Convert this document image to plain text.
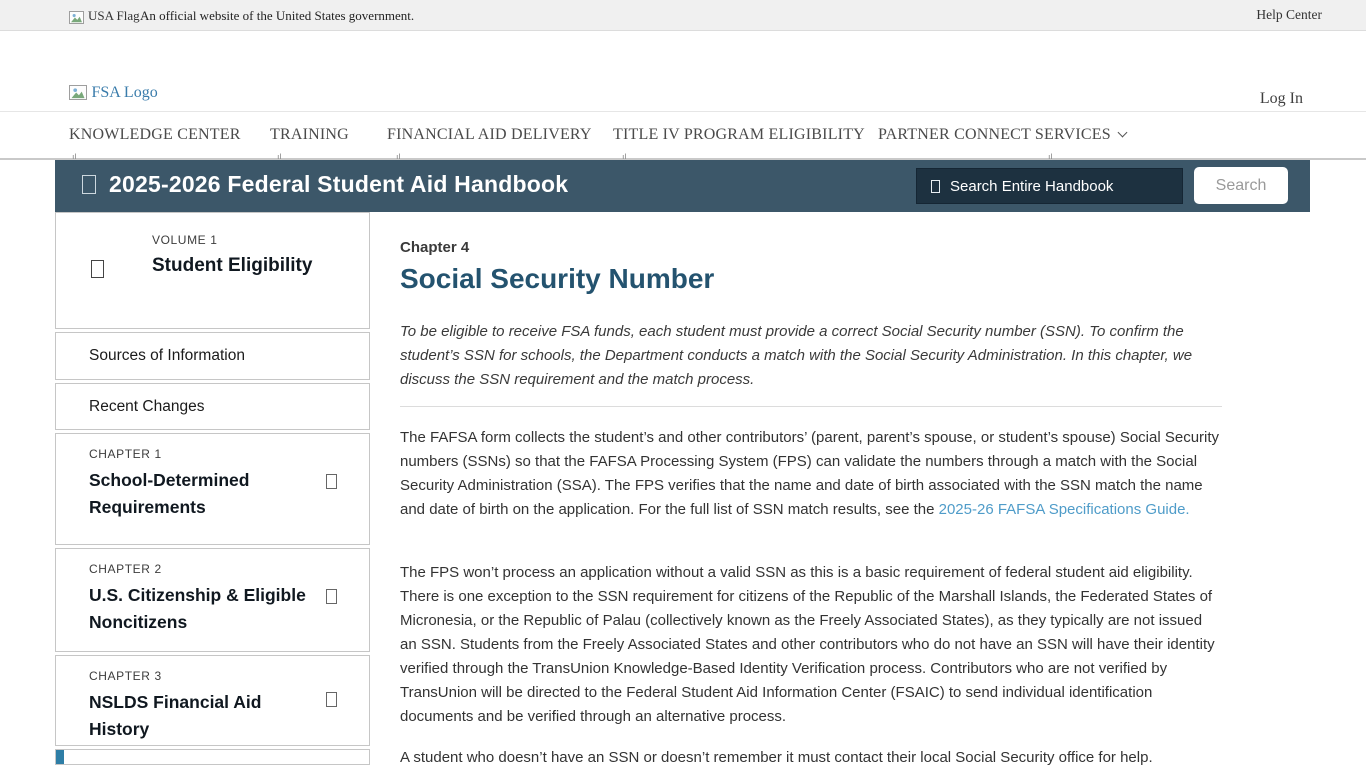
USA Flag An official website of the United States government.	Help Center
FSA Logo	Log In
KNOWLEDGE CENTER TRAINING FINANCIAL AID DELIVERY TITLE IV PROGRAM ELIGIBILITY PARTNER CONNECT SERVICES
ıl	ıl	ıl	ıl	ıl
2025-2026 Federal Student Aid Handbook	Search Entire Handbook	Search
VOLUME 1
Student Eligibility
Sources of Information
Recent Changes
CHAPTER 1
School-Determined Requirements
CHAPTER 2
U.S. Citizenship & Eligible Noncitizens
CHAPTER 3
NSLDS Financial Aid History
Chapter 4
Social Security Number

To be eligible to receive FSA funds, each student must provide a correct Social Security number (SSN). To confirm the student’s SSN for schools, the Department conducts a match with the Social Security Administration. In this chapter, we discuss the SSN requirement and the match process.

The FAFSA form collects the student’s and other contributors’ (parent, parent’s spouse, or student’s spouse) Social Security numbers (SSNs) so that the FAFSA Processing System (FPS) can validate the numbers through a match with the Social Security Administration (SSA). The FPS verifies that the name and date of birth associated with the SSN match the name and date of birth on the application. For the full list of SSN match results, see the 2025-26 FAFSA Specifications Guide.

The FPS won’t process an application without a valid SSN as this is a basic requirement of federal student aid eligibility. There is one exception to the SSN requirement for citizens of the Republic of the Marshall Islands, the Federated States of Micronesia, or the Republic of Palau (collectively known as the Freely Associated States), as they typically are not issued an SSN. Students from the Freely Associated States and other contributors who do not have an SSN will have their identity verified through the TransUnion Knowledge-Based Identity Verification process. Contributors who are not verified by TransUnion will be directed to the Federal Student Aid Information Center (FSAIC) to send individual identification documents and be verified through an alternative process.

A student who doesn’t have an SSN or doesn’t remember it must contact their local Social Security office for help.
